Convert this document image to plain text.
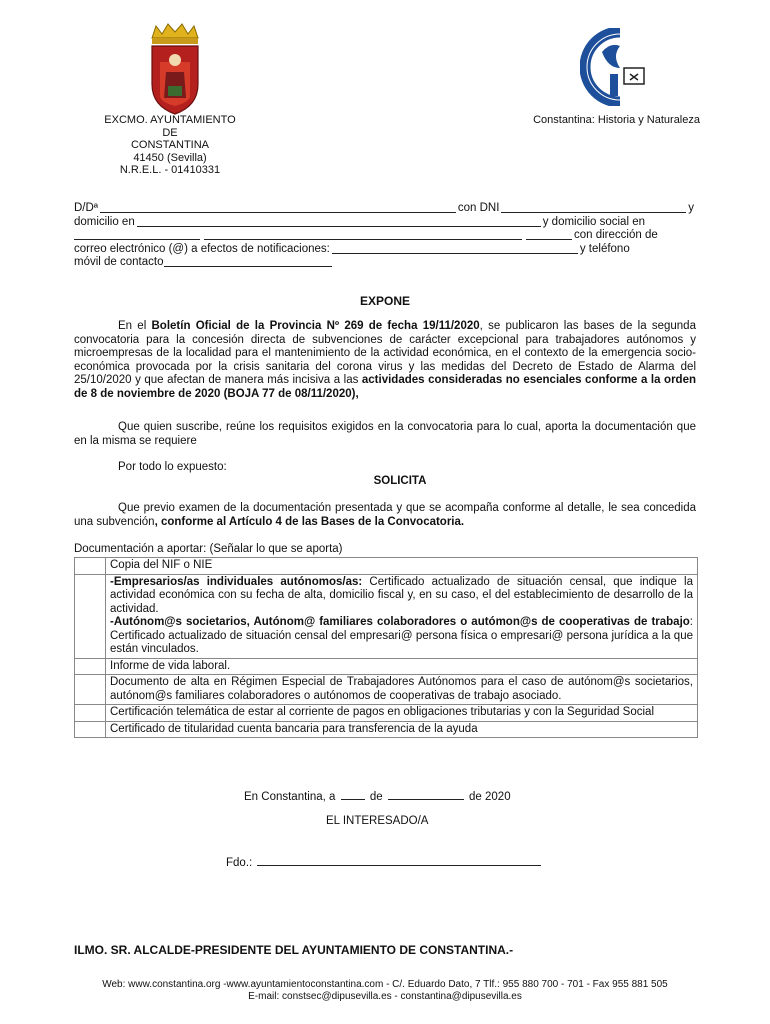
EXCMO. AYUNTAMIENTO
DE
CONSTANTINA
41450 (Sevilla)
N.R.E.L. - 01410331
Constantina: Historia y Naturaleza
D/Dª	con DNI	y
domicilio en	y domicilio social en
con dirección de
correo electrónico (@) a efectos de notificaciones:	y teléfono
móvil de contacto
EXPONE
En el Boletín Oficial de la Provincia Nº 269 de fecha 19/11/2020, se publicaron las bases de la segunda convocatoria para la concesión directa de subvenciones de carácter excepcional para trabajadores autónomos y microempresas de la localidad para el mantenimiento de la actividad económica, en el contexto de la emergencia socio-económica provocada por la crisis sanitaria del corona virus y las medidas del Decreto de Estado de Alarma del 25/10/2020 y que afectan de manera más incisiva a las actividades consideradas no esenciales conforme a la orden de 8 de noviembre de 2020 (BOJA 77 de 08/11/2020),
Que quien suscribe, reúne los requisitos exigidos en la convocatoria para lo cual, aporta la documentación que en la misma se requiere
Por todo lo expuesto:
SOLICITA
Que previo examen de la documentación presentada y que se acompaña conforme al detalle, le sea concedida una subvención, conforme al Artículo 4 de las Bases de la Convocatoria.
Documentación a aportar: (Señalar lo que se aporta)
	Copia del NIF o NIE
	-Empresarios/as individuales autónomos/as: Certificado actualizado de situación censal, que indique la actividad económica con su fecha de alta, domicilio fiscal y, en su caso, el del establecimiento de desarrollo de la actividad.
-Autónom@s societarios, Autónom@ familiares colaboradores o autómon@s de cooperativas de trabajo: Certificado actualizado de situación censal del empresari@ persona física o empresari@ persona jurídica a la que están vinculados.
	Informe de vida laboral.
	Documento de alta en Régimen Especial de Trabajadores Autónomos para el caso de autónom@s societarios, autónom@s familiares colaboradores o autónomos de cooperativas de trabajo asociado.
	Certificación telemática de estar al corriente de pagos en obligaciones tributarias y con la Seguridad Social
	Certificado de titularidad cuenta bancaria para transferencia de la ayuda
En Constantina, a	de	de 2020
EL INTERESADO/A
Fdo.:
ILMO. SR. ALCALDE-PRESIDENTE DEL AYUNTAMIENTO DE CONSTANTINA.-
Web: www.constantina.org -www.ayuntamientoconstantina.com - C/. Eduardo Dato, 7 Tlf.: 955 880 700 - 701 - Fax 955 881 505
E-mail: constsec@dipusevilla.es - constantina@dipusevilla.es
